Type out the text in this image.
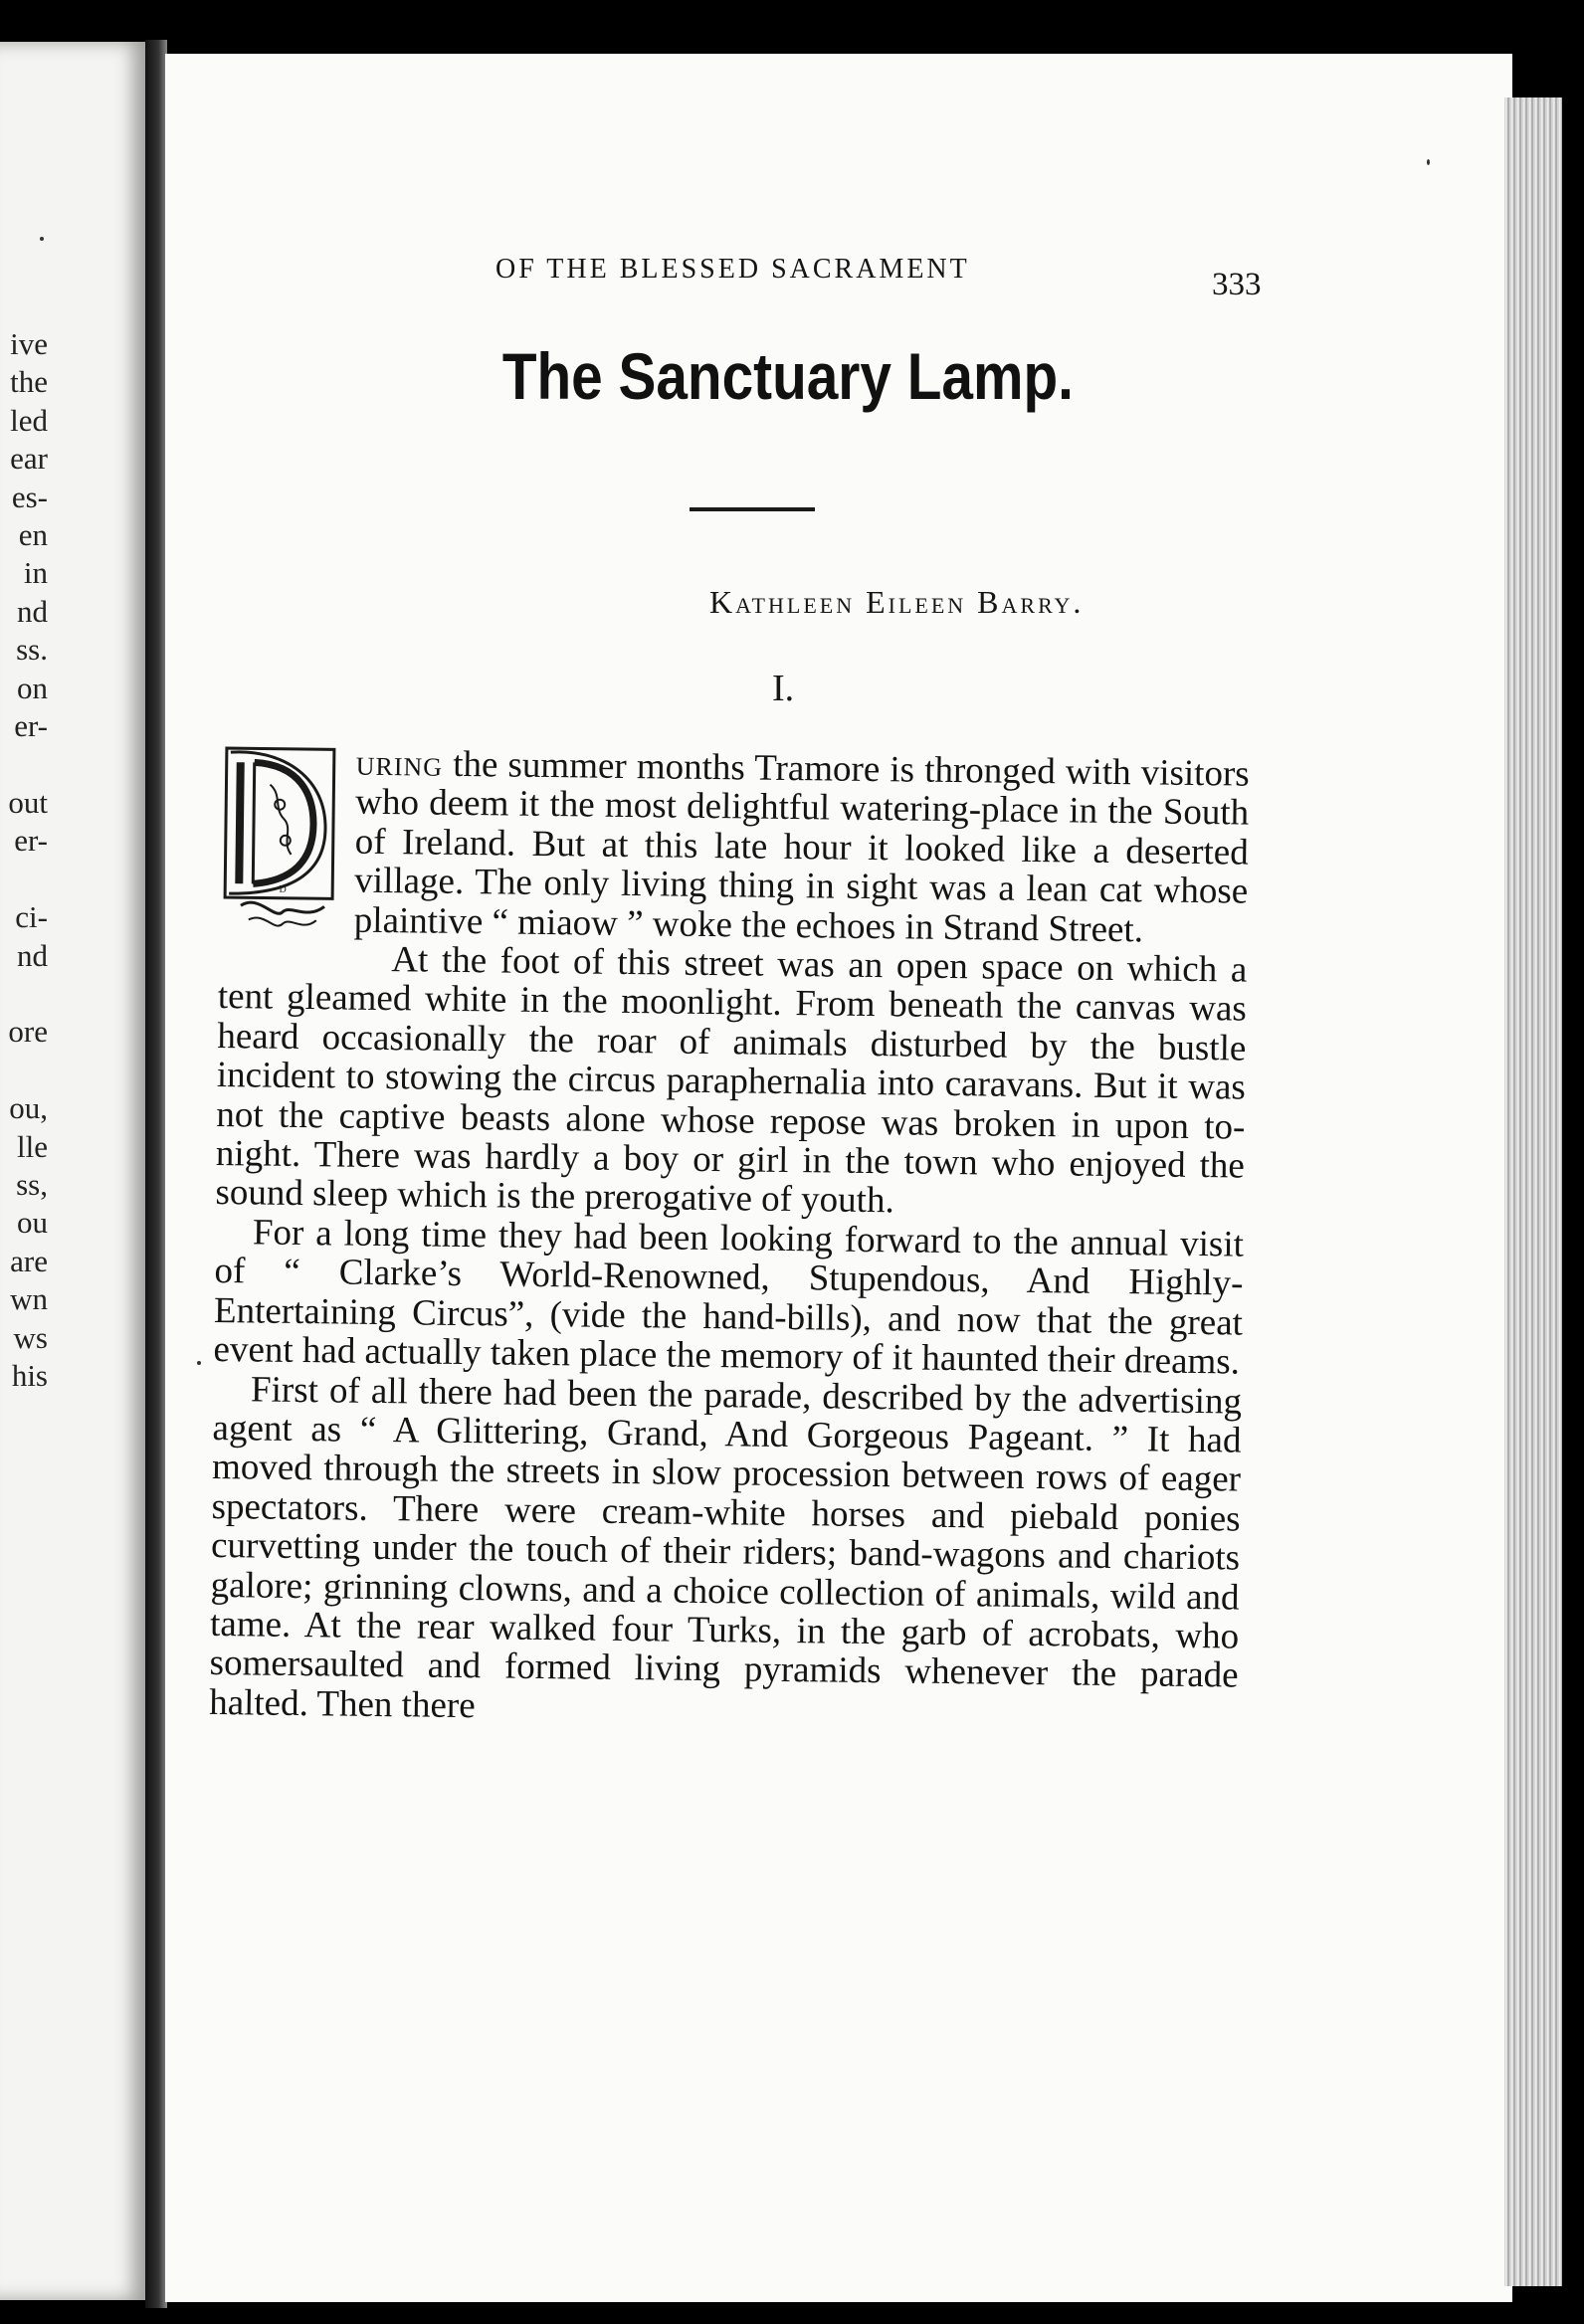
ive
the
led
ear
es-
en
in
nd
ss.
on
er-

out
er-

ci-
nd

ore

ou,
lle
ss,
ou
are
wn
ws
his
OF THE BLESSED SACRAMENT	333
The Sanctuary Lamp.
Kathleen Eileen Barry.
I.

D
uring the summer months Tramore is thronged with visitors who deem it the most delightful watering-place in the South of Ireland. But at this late hour it looked like a deserted village. The only living thing in sight was a lean cat whose plaintive “ miaow ” woke the echoes in Strand Street.

At the foot of this street was an open space on which a tent gleamed white in the moonlight. From beneath the canvas was heard occasionally the roar of animals disturbed by the bustle incident to stowing the circus paraphernalia into caravans. But it was not the captive beasts alone whose repose was broken in upon to-night. There was hardly a boy or girl in the town who enjoyed the sound sleep which is the prerogative of youth.

For a long time they had been looking forward to the annual visit of “ Clarke’s World-Renowned, Stupendous, And Highly-Entertaining Circus”, (vide the hand-bills), and now that the great event had actually taken place the memory of it haunted their dreams.

First of all there had been the parade, described by the advertising agent as “ A Glittering, Grand, And Gorgeous Pageant. ” It had moved through the streets in slow procession between rows of eager spectators. There were cream-white horses and piebald ponies curvetting under the touch of their riders; band-wagons and chariots galore; grinning clowns, and a choice collection of animals, wild and tame. At the rear walked four Turks, in the garb of acrobats, who somersaulted and formed living pyramids whenever the parade halted. Then there
